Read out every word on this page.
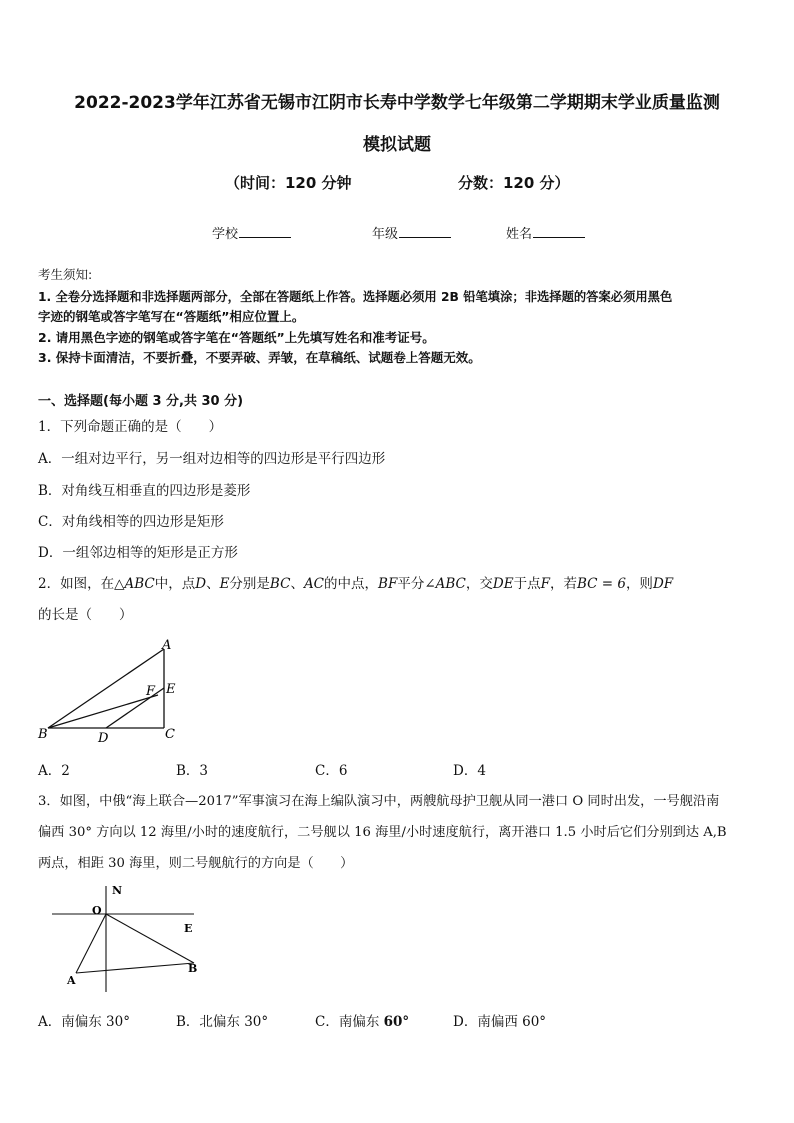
2022-2023学年江苏省无锡市江阴市长寿中学数学七年级第二学期期末学业质量监测
模拟试题
（时间：120 分钟	分数：120 分）
学校	年级	姓名
考生须知:
1. 全卷分选择题和非选择题两部分，全部在答题纸上作答。选择题必须用 2B 铅笔填涂；非选择题的答案必须用黑色
字迹的钢笔或答字笔写在“答题纸”相应位置上。
2. 请用黑色字迹的钢笔或答字笔在“答题纸”上先填写姓名和准考证号。
3. 保持卡面清洁，不要折叠，不要弄破、弄皱，在草稿纸、试题卷上答题无效。
一、选择题(每小题 3 分,共 30 分)
1．下列命题正确的是（　　）
A．一组对边平行，另一组对边相等的四边形是平行四边形
B．对角线互相垂直的四边形是菱形
C．对角线相等的四边形是矩形
D．一组邻边相等的矩形是正方形
2．如图，在△ABC中，点D、E分别是BC、AC的中点，BF平分∠ABC，交DE于点F，若BC = 6，则DF
的长是（　　）
A
B	C
D
E
F
A．2	B．3	C．6	D．4
3．如图，中俄“海上联合—2017”军事演习在海上编队演习中，两艘航母护卫舰从同一港口 O 同时出发，一号舰沿南
偏西 30° 方向以 12 海里/小时的速度航行，二号舰以 16 海里/小时速度航行，离开港口 1.5 小时后它们分别到达 A,B
两点，相距 30 海里，则二号舰航行的方向是（　　）
N
O
E
A
B
A．南偏东 30°	B．北偏东 30°	C．南偏东 60°	D．南偏西 60°
